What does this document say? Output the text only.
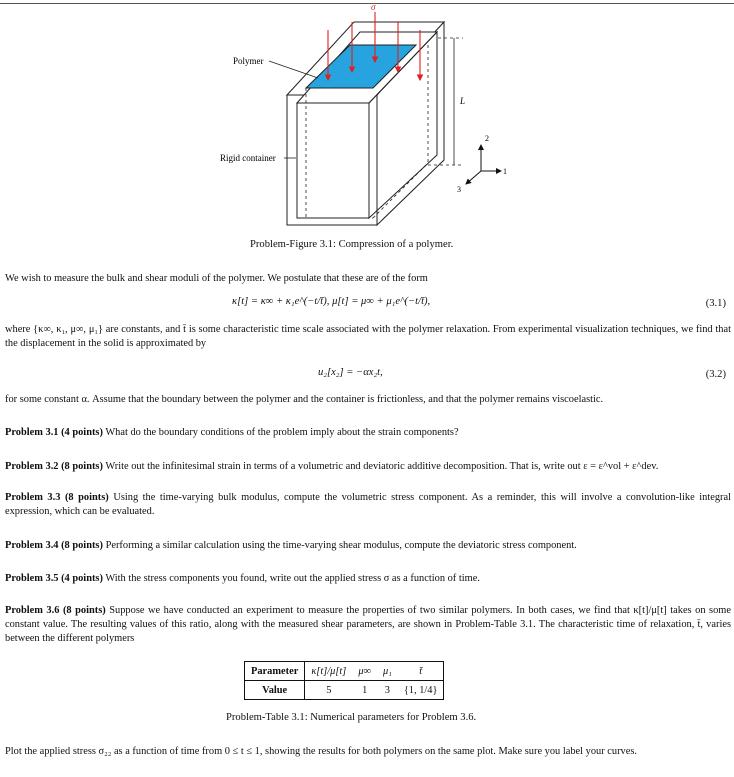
σ
Polymer
Rigid container
L
1
2
3
Problem-Figure 3.1: Compression of a polymer.
We wish to measure the bulk and shear moduli of the polymer. We postulate that these are of the form
κ[t] = κ∞ + κ₁e^(−t/t̄), μ[t] = μ∞ + μ₁e^(−t/t̄),	(3.1)
where {κ∞, κ₁, μ∞, μ₁} are constants, and t̄ is some characteristic time scale associated with the polymer relaxation. From experimental visualization techniques, we find that the displacement in the solid is approximated by
u₂[x₂] = −αx₂t,	(3.2)
for some constant α. Assume that the boundary between the polymer and the container is frictionless, and that the polymer remains viscoelastic.
Problem 3.1 (4 points) What do the boundary conditions of the problem imply about the strain components?
Problem 3.2 (8 points) Write out the infinitesimal strain in terms of a volumetric and deviatoric additive decomposition. That is, write out ε = ε^vol + ε^dev.
Problem 3.3 (8 points) Using the time-varying bulk modulus, compute the volumetric stress component. As a reminder, this will involve a convolution-like integral expression, which can be evaluated.
Problem 3.4 (8 points) Performing a similar calculation using the time-varying shear modulus, compute the deviatoric stress component.
Problem 3.5 (4 points) With the stress components you found, write out the applied stress σ as a function of time.
Problem 3.6 (8 points) Suppose we have conducted an experiment to measure the properties of two similar polymers. In both cases, we find that κ[t]/μ[t] takes on some constant value. The resulting values of this ratio, along with the measured shear parameters, are shown in Problem-Table 3.1. The characteristic time of relaxation, t̄, varies between the different polymers
Parameter	κ[t]/μ[t]	μ∞	μ₁	t̄
Value	5	1	3	{1, 1/4}
Problem-Table 3.1: Numerical parameters for Problem 3.6.
Plot the applied stress σ₂₂ as a function of time from 0 ≤ t ≤ 1, showing the results for both polymers on the same plot. Make sure you label your curves.
